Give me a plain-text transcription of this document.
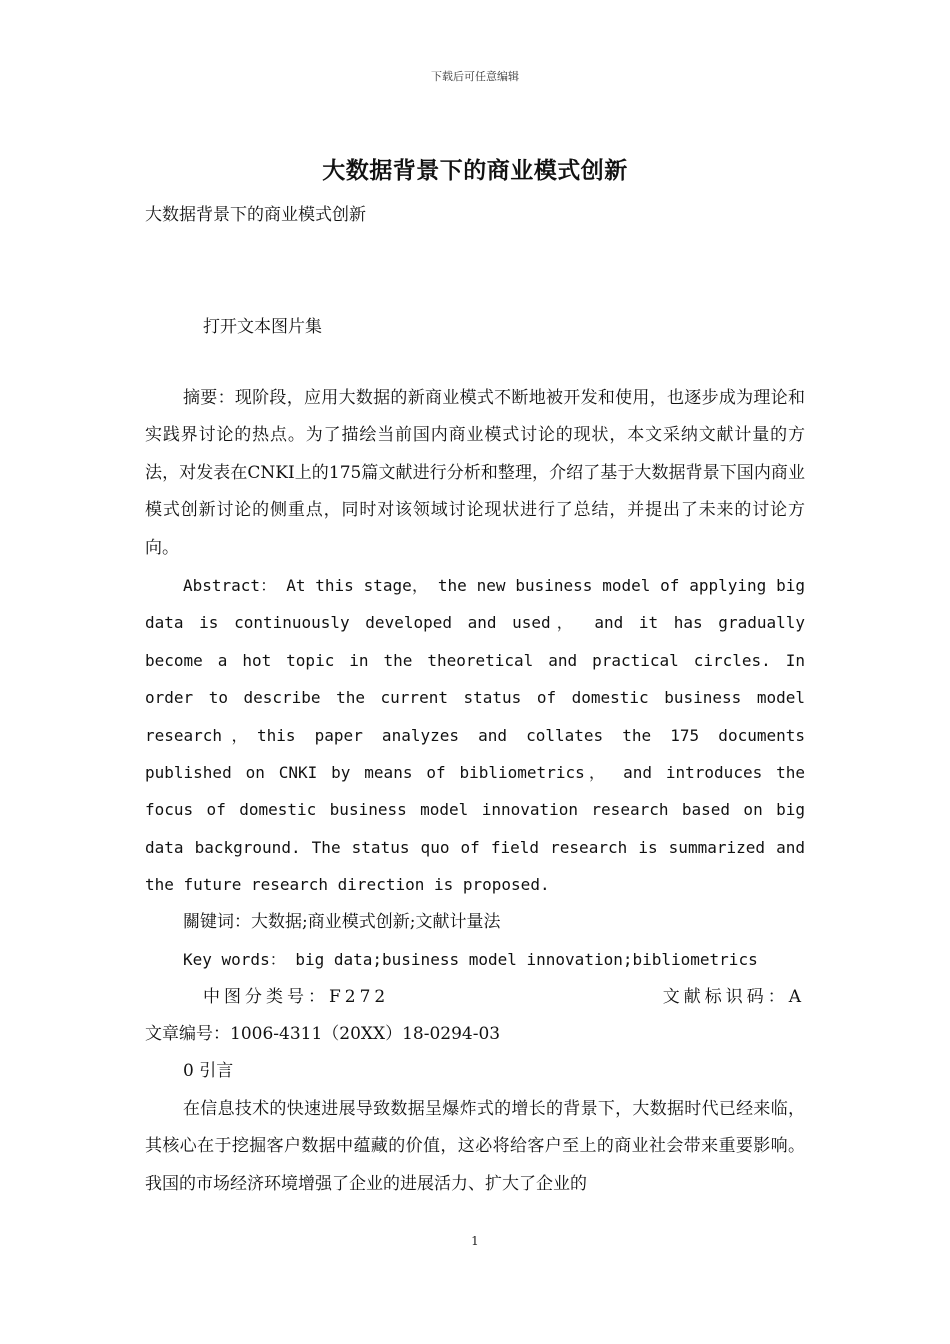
下载后可任意编辑
大数据背景下的商业模式创新
大数据背景下的商业模式创新
打开文本图片集

摘要：现阶段，应用大数据的新商业模式不断地被开发和使用，也逐步成为理论和实践界讨论的热点。为了描绘当前国内商业模式讨论的现状，本文采纳文献计量的方法，对发表在CNKI上的175篇文献进行分析和整理，介绍了基于大数据背景下国内商业模式创新讨论的侧重点，同时对该领域讨论现状进行了总结，并提出了未来的讨论方向。

Abstract： At this stage， the new business model of applying big data is continuously developed and used， and it has gradually become a hot topic in the theoretical and practical circles. In order to describe the current status of domestic business model research，this paper analyzes and collates the 175 documents published on CNKI by means of bibliometrics， and introduces the focus of domestic business model innovation research based on big data background. The status quo of field research is summarized and the future research direction is proposed.

關键词：大数据;商业模式创新;文献计量法

Key words： big data;business model innovation;bibliometrics

中图分类号：F272	文献标识码：A

文章编号：1006-4311（20XX）18-0294-03

0 引言

在信息技术的快速进展导致数据呈爆炸式的增长的背景下，大数据时代已经来临，其核心在于挖掘客户数据中蕴藏的价值，这必将给客户至上的商业社会带来重要影响。我国的市场经济环境增强了企业的进展活力、扩大了企业的

1
